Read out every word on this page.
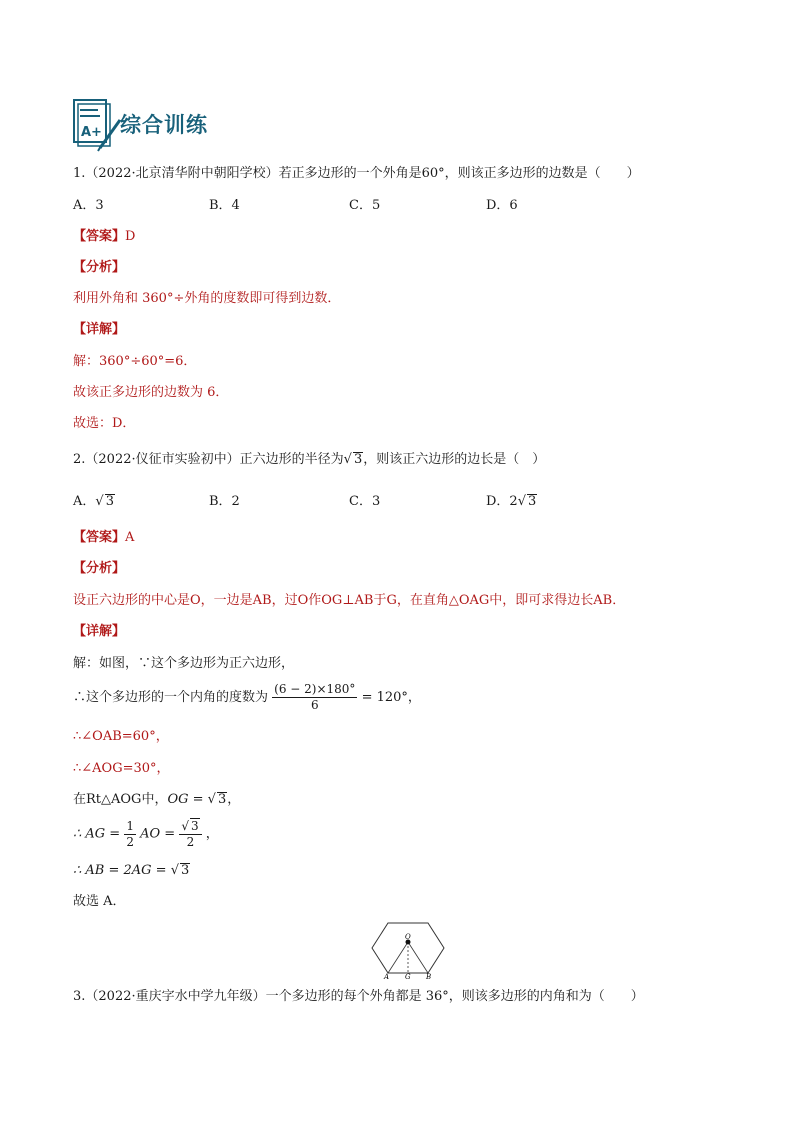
A+ 综合训练
1.（2022·北京清华附中朝阳学校）若正多边形的一个外角是60°，则该正多边形的边数是（　　）
A．3	B．4	C．5	D．6
【答案】D
【分析】
利用外角和 360°÷外角的度数即可得到边数．
【详解】
解：360°÷60°=6．
故该正多边形的边数为 6．
故选：D．
2.（2022·仪征市实验初中）正六边形的半径为√ 3，则该正六边形的边长是（　）
A．√ 3	B．2	C．3	D．2√ 3
【答案】A
【分析】
设正六边形的中心是O，一边是AB，过O作OG⊥AB于G，在直角△OAG中，即可求得边长AB．
【详解】
解：如图，∵这个多边形为正六边形，
∴这个多边形的一个内角的度数为 $\frac{(6 - 2)\times 180^\circ}{6} = 120^\circ$，
∴∠OAB=60°，
∴∠AOG=30°，
在Rt△AOG中，OG = √ 3，
∴ AG = $\frac{1}{2}$ AO = $\frac{√ 3}{2}$ ，
∴ AB = 2AG = √ 3
故选 A．
O
A G B
3.（2022·重庆字水中学九年级）一个多边形的每个外角都是 36°，则该多边形的内角和为（　　）
